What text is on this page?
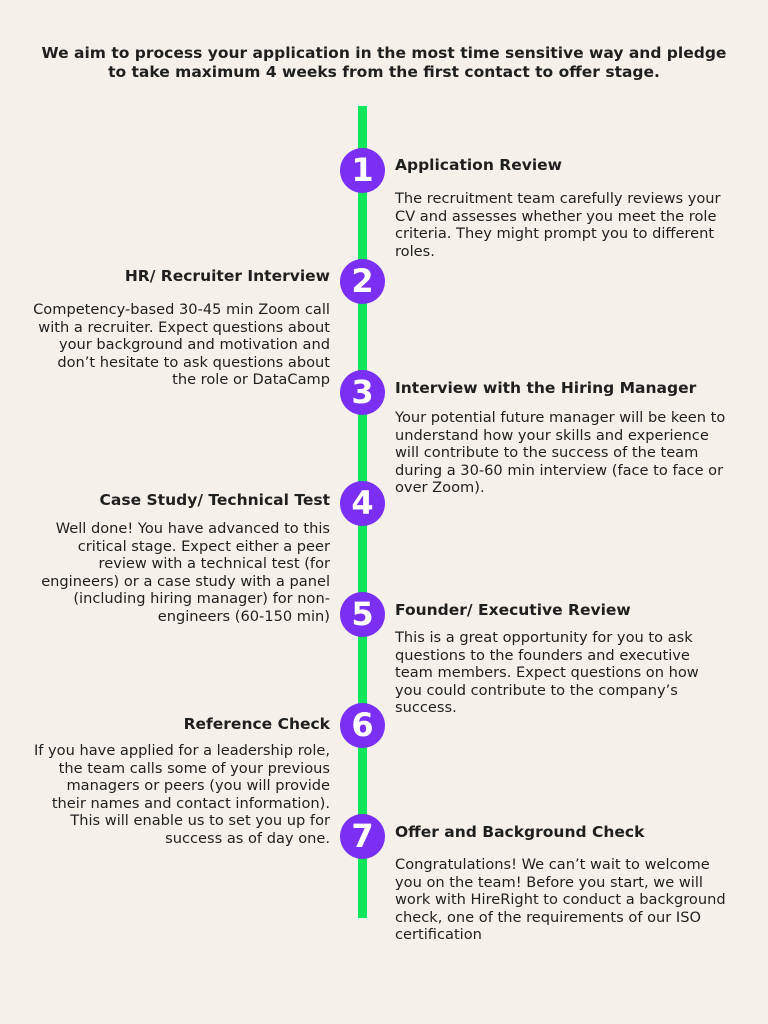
We aim to process your application in the most time sensitive way and pledge to take maximum 4 weeks from the first contact to offer stage.

1	Application Review

The recruitment team carefully reviews your CV and assesses whether you meet the role criteria. They might prompt you to different roles.

2
HR/ Recruiter Interview

Competency-based 30-45 min Zoom call with a recruiter. Expect questions about your background and motivation and don’t hesitate to ask questions about the role or DataCamp 3	Interview with the Hiring Manager

Your potential future manager will be keen to understand how your skills and experience will contribute to the success of the team during a 30-60 min interview (face to face or over Zoom).

4
Case Study/ Technical Test

Well done! You have advanced to this critical stage. Expect either a peer review with a technical test (for engineers) or a case study with a panel (including hiring manager) for non-engineers (60-150 min) 5	Founder/ Executive Review

This is a great opportunity for you to ask questions to the founders and executive team members. Expect questions on how you could contribute to the company’s success.

6
Reference Check

If you have applied for a leadership role, the team calls some of your previous managers or peers (you will provide their names and contact information). This will enable us to set you up for success as of day one. 7	Offer and Background Check

Congratulations! We can’t wait to welcome you on the team! Before you start, we will work with HireRight to conduct a background check, one of the requirements of our ISO certification
